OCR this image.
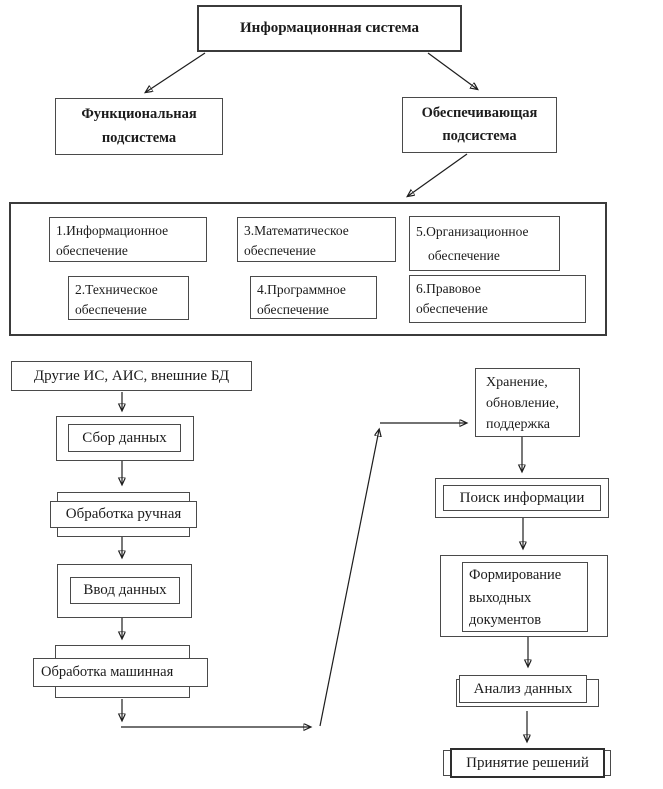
Информационная система
Функциональная
подсистема
Обеспечивающая
подсистема
1.Информационное
обеспечение
3.Математическое
обеспечение
5.Организационное
обеспечение
2.Техническое
обеспечение
4.Программное
обеспечение
6.Правовое
обеспечение
Другие ИС, АИС, внешние БД
Сбор данных
Обработка ручная
Ввод данных
Обработка машинная
Хранение,
обновление,
поддержка
Поиск информации
Формирование
выходных
документов
Анализ данных
Принятие решений
